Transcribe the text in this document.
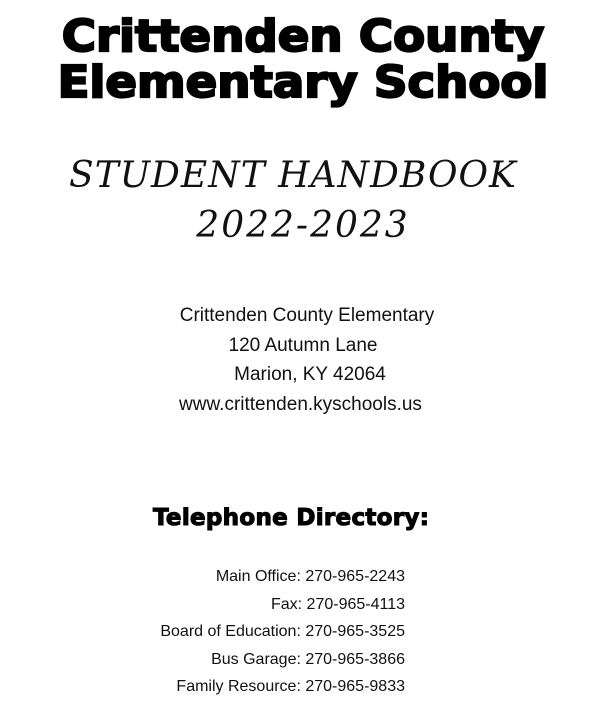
Crittenden County
Elementary School
STUDENT HANDBOOK
2022-2023
Crittenden County Elementary
120 Autumn Lane
Marion, KY 42064
www.crittenden.kyschools.us
Telephone Directory:
Main Office: 270-965-2243
Fax: 270-965-4113
Board of Education: 270-965-3525
Bus Garage: 270-965-3866
Family Resource: 270-965-9833
